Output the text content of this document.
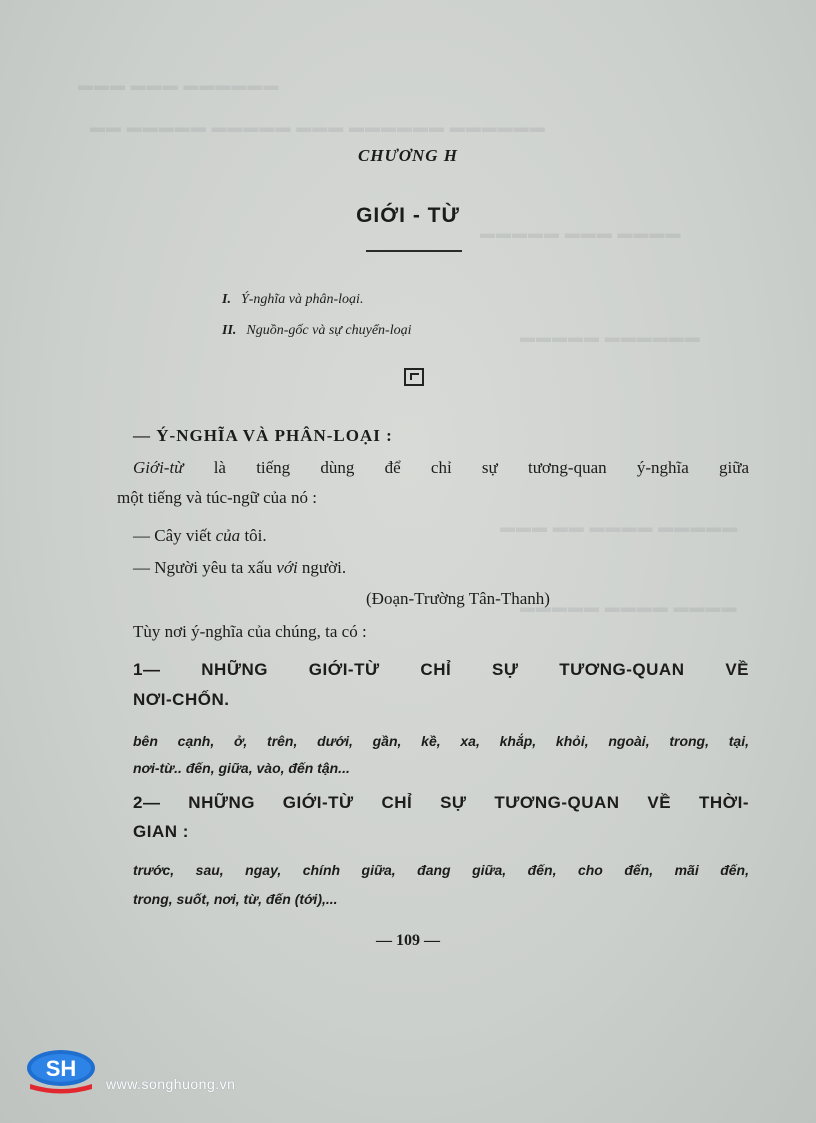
▬▬▬ ▬▬▬ ▬▬▬▬▬▬
▬▬ ▬▬▬▬▬ ▬▬▬▬▬ ▬▬▬ ▬▬▬▬▬▬ ▬▬▬▬▬▬
▬▬▬▬▬ ▬▬▬ ▬▬▬▬
▬▬▬▬▬ ▬▬▬▬▬▬
▬▬▬ ▬▬ ▬▬▬▬ ▬▬▬▬▬
▬▬▬▬▬ ▬▬▬▬ ▬▬▬▬
CHƯƠNG H
GIỚI - TỪ
I. Ý-nghĩa và phân-loại.
II. Nguồn-gốc và sự chuyển-loại
— Ý-NGHĨA VÀ PHÂN-LOẠI :
Giới-từ là tiếng dùng để chỉ sự tương-quan ý-nghĩa giữa
một tiếng và túc-ngữ của nó :
— Cây viết của tôi.
— Người yêu ta xấu với người.
(Đoạn-Trường Tân-Thanh)
Tùy nơi ý-nghĩa của chúng, ta có :
1— NHỮNG GIỚI-TỪ CHỈ SỰ TƯƠNG-QUAN VỀ
NƠI-CHỐN.
bên cạnh, ở, trên, dưới, gần, kề, xa, khắp, khỏi, ngoài, trong, tại,
nơi-từ.. đến, giữa, vào, đến tận...
2— NHỮNG GIỚI-TỪ CHỈ SỰ TƯƠNG-QUAN VỀ THỜI-
GIAN :
trước, sau, ngay, chính giữa, đang giữa, đến, cho đến, mãi đến,
trong, suốt, nơi, từ, đến (tới),...
— 109 —
SH
www.songhuong.vn
